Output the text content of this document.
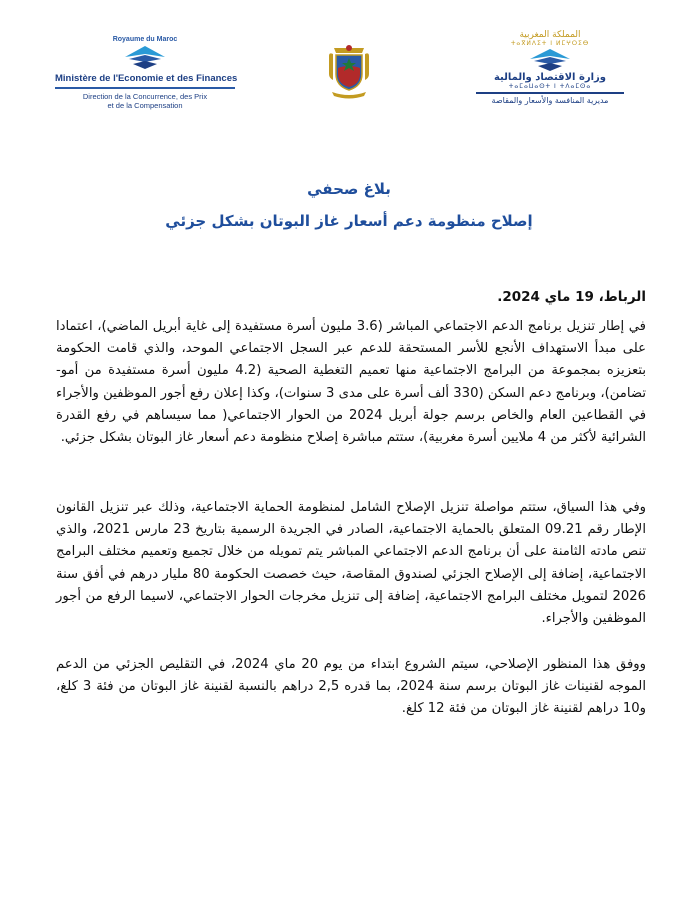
Royaume du Maroc
Ministère de l'Economie et des Finances
Direction de la Concurrence, des Prix
et de la Compensation
المملكة المغربية
ⵜⴰⴳⵍⴷⵉⵜ ⵏ ⵍⵎⵖⵔⵉⴱ
وزارة الاقتصاد والمالية
ⵜⴰⵎⴰⵡⴰⵙⵜ ⵏ ⵜⴷⴰⵎⵙⴰ
مديرية المنافسة والأسعار والمقاصة
بلاغ صحفي
إصلاح منظومة دعم أسعار غاز البوتان بشكل جزئي
الرباط، 19 ماي 2024.

في إطار تنزيل برنامج الدعم الاجتماعي المباشر (3.6 مليون أسرة مستفيدة إلى غاية أبريل الماضي)، اعتمادا على مبدأ الاستهداف الأنجع للأسر المستحقة للدعم عبر السجل الاجتماعي الموحد، والذي قامت الحكومة بتعزيزه بمجموعة من البرامج الاجتماعية منها تعميم التغطية الصحية (4.2 مليون أسرة مستفيدة من أمو-تضامن)، وبرنامج دعم السكن (330 ألف أسرة على مدى 3 سنوات)، وكذا إعلان رفع أجور الموظفين والأجراء في القطاعين العام والخاص برسم جولة أبريل 2024 من الحوار الاجتماعي( مما سيساهم في رفع القدرة الشرائية لأكثر من 4 ملايين أسرة مغربية)، ستتم مباشرة إصلاح منظومة دعم أسعار غاز البوتان بشكل جزئي.

وفي هذا السياق، ستتم مواصلة تنزيل الإصلاح الشامل لمنظومة الحماية الاجتماعية، وذلك عبر تنزيل القانون الإطار رقم 09.21 المتعلق بالحماية الاجتماعية، الصادر في الجريدة الرسمية بتاريخ 23 مارس 2021، والذي تنص مادته الثامنة على أن برنامج الدعم الاجتماعي المباشر يتم تمويله من خلال تجميع وتعميم مختلف البرامج الاجتماعية، إضافة إلى الإصلاح الجزئي لصندوق المقاصة، حيث خصصت الحكومة 80 مليار درهم في أفق سنة 2026 لتمويل مختلف البرامج الاجتماعية، إضافة إلى تنزيل مخرجات الحوار الاجتماعي، لاسيما الرفع من أجور الموظفين والأجراء.

ووفق هذا المنظور الإصلاحي، سيتم الشروع ابتداء من يوم 20 ماي 2024، في التقليص الجزئي من الدعم الموجه لقنينات غاز البوتان برسم سنة 2024، بما قدره 2,5 دراهم بالنسبة لقنينة غاز البوتان من فئة 3 كلغ، و10 دراهم لقنينة غاز البوتان من فئة 12 كلغ.
